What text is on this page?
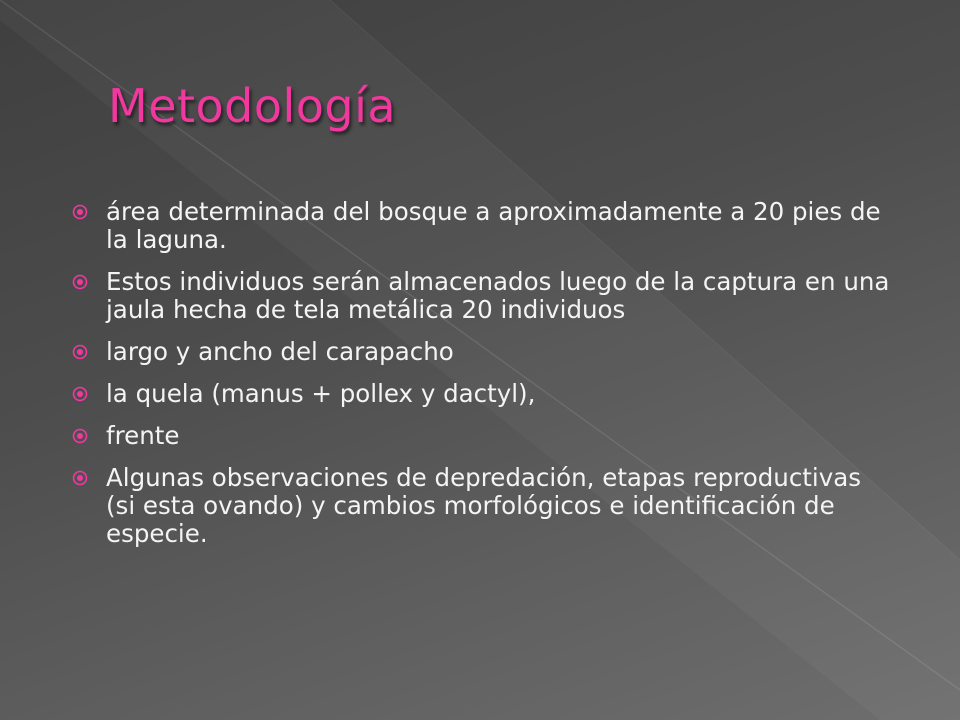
Metodología
área determinada del bosque a aproximadamente a 20 pies de la laguna.
Estos individuos serán almacenados luego de la captura en una jaula hecha de tela metálica 20 individuos
largo y ancho del carapacho
la quela (manus + pollex y dactyl),
frente
Algunas observaciones de depredación, etapas reproductivas (si esta ovando) y cambios morfológicos e identificación de especie.
